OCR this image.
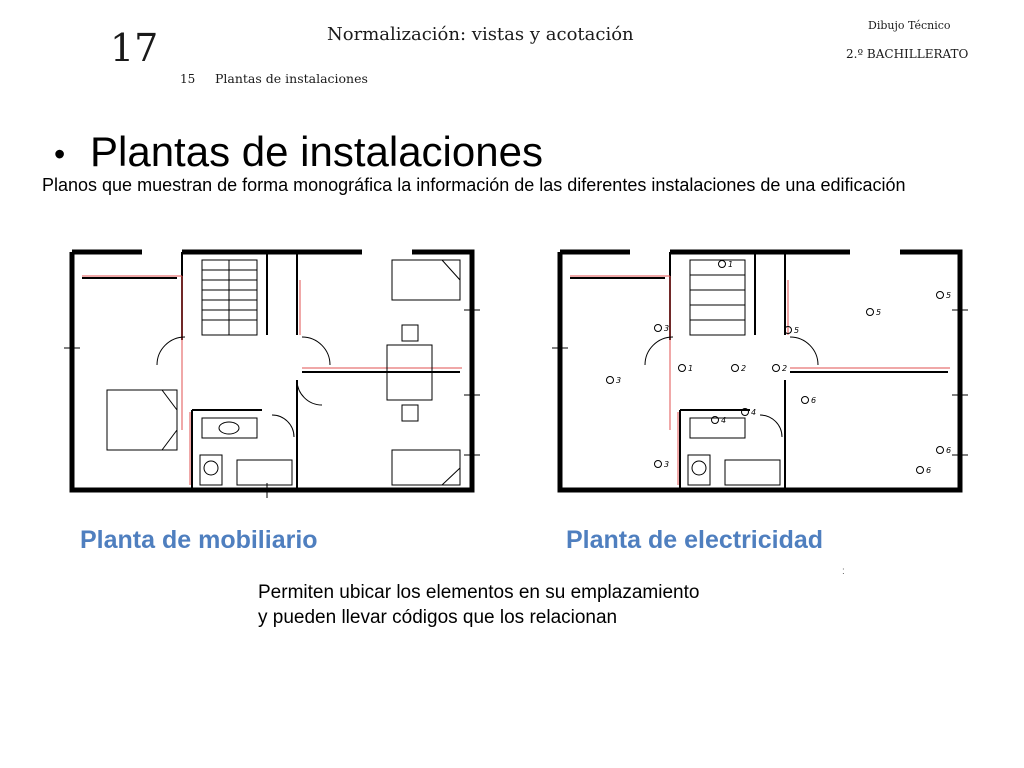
17	Normalización: vistas y acotación
15 Plantas de instalaciones
Dibujo Técnico
2.º BACHILLERATO
• Plantas de instalaciones
Planos que muestran de forma monográfica la información de las diferentes instalaciones de una edificación
1
1
2	2
3
3
3
4
4
5
5
5
6
6
6
Planta de mobiliario	Planta de electricidad
Permiten ubicar los elementos en su emplazamiento
y pueden llevar códigos que los relacionan
:
